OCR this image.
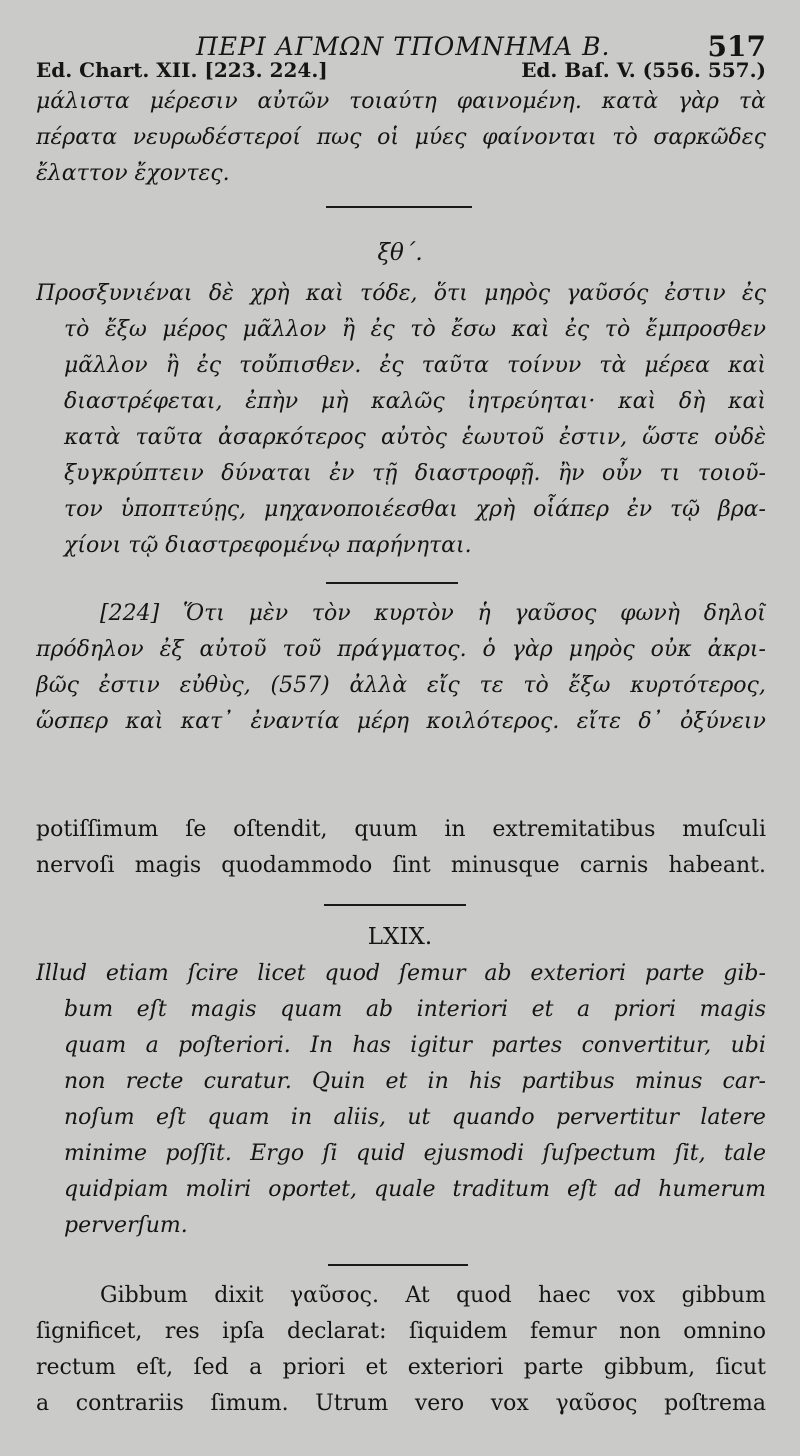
ΠΕΡΙ ΑΓΜΩΝ ΤΠΟΜΝΗΜΑ Β.	517
Ed. Chart. XII. [223. 224.]	Ed. Baſ. V. (556. 557.)
μάλιστα μέρεσιν αὐτῶν τοιαύτη φαινομένη. κατὰ γὰρ τὰ
πέρατα νευρωδέστεροί πως οἱ μύες φαίνονται τὸ σαρκῶδες
ἔλαττον ἔχοντες.
ξθ΄.
Προσξυνιέναι δὲ χρὴ καὶ τόδε, ὅτι μηρὸς γαῦσός ἐστιν ἐς
τὸ ἔξω μέρος μᾶλλον ἢ ἐς τὸ ἔσω καὶ ἐς τὸ ἔμπροσθεν
μᾶλλον ἢ ἐς τοὔπισθεν. ἐς ταῦτα τοίνυν τὰ μέρεα καὶ
διαστρέφεται, ἐπὴν μὴ καλῶς ἰητρεύηται· καὶ δὴ καὶ
κατὰ ταῦτα ἀσαρκότερος αὐτὸς ἑωυτοῦ ἐστιν, ὥστε οὐδὲ
ξυγκρύπτειν δύναται ἐν τῇ διαστροφῇ. ἢν οὖν τι τοιοῦ-
τον ὑποπτεύῃς, μηχανοποιέεσθαι χρὴ οἷάπερ ἐν τῷ βρα-
χίονι τῷ διαστρεφομένῳ παρήνηται.
[224] Ὅτι μὲν τὸν κυρτὸν ἡ γαῦσος φωνὴ δηλοῖ
πρόδηλον ἐξ αὐτοῦ τοῦ πράγματος. ὁ γὰρ μηρὸς οὐκ ἀκρι-
βῶς ἐστιν εὐθὺς, (557) ἀλλὰ εἴς τε τὸ ἔξω κυρτότερος,
ὥσπερ καὶ κατ᾽ ἐναντία μέρη κοιλότερος. εἴτε δ᾽ ὀξύνειν
potiſſimum ſe oſtendit, quum in extremitatibus muſculi
nervoſi magis quodammodo ſint minusque carnis habeant.
LXIX.
Illud etiam ſcire licet quod ſemur ab exteriori parte gib-
bum eſt magis quam ab interiori et a priori magis
quam a poſteriori. In has igitur partes convertitur, ubi
non recte curatur. Quin et in his partibus minus car-
noſum eſt quam in aliis, ut quando pervertitur latere
minime poſſit. Ergo ſi quid ejusmodi ſuſpectum ſit, tale
quidpiam moliri oportet, quale traditum eſt ad humerum
perverſum.
Gibbum dixit γαῦσος. At quod haec vox gibbum
ſignificet, res ipſa declarat: ſiquidem femur non omnino
rectum eſt, ſed a priori et exteriori parte gibbum, ſicut
a contrariis ſimum. Utrum vero vox γαῦσος poſtrema
